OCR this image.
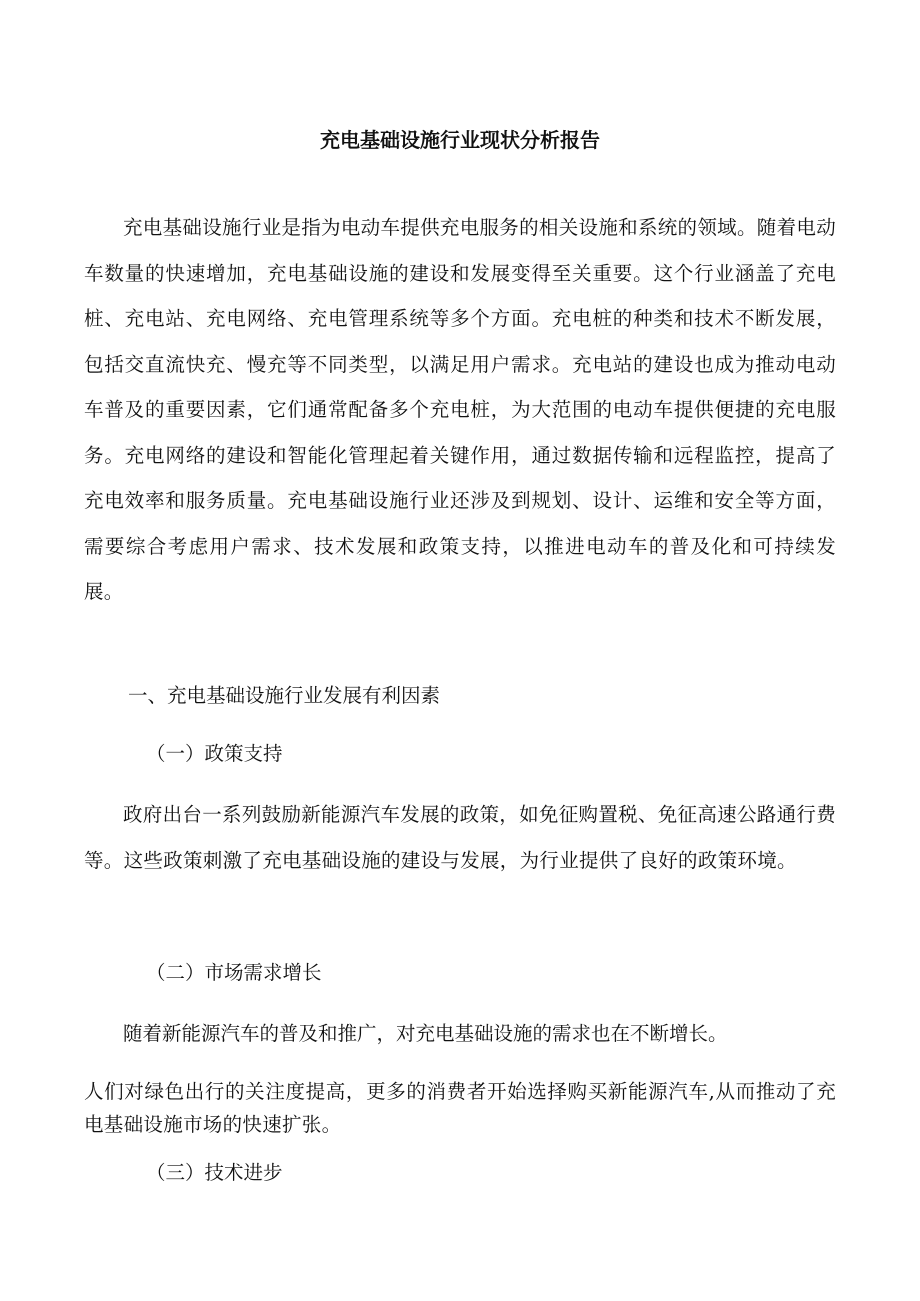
充电基础设施行业现状分析报告

充电基础设施行业是指为电动车提供充电服务的相关设施和系统的领域。随着电动车数量的快速增加，充电基础设施的建设和发展变得至关重要。这个行业涵盖了充电桩、充电站、充电网络、充电管理系统等多个方面。充电桩的种类和技术不断发展，包括交直流快充、慢充等不同类型，以满足用户需求。充电站的建设也成为推动电动车普及的重要因素，它们通常配备多个充电桩，为大范围的电动车提供便捷的充电服务。充电网络的建设和智能化管理起着关键作用，通过数据传输和远程监控，提高了充电效率和服务质量。充电基础设施行业还涉及到规划、设计、运维和安全等方面，需要综合考虑用户需求、技术发展和政策支持，以推进电动车的普及化和可持续发展。

一、充电基础设施行业发展有利因素
（一）政策支持

政府出台一系列鼓励新能源汽车发展的政策，如免征购置税、免征高速公路通行费等。这些政策刺激了充电基础设施的建设与发展，为行业提供了良好的政策环境。

（二）市场需求增长

随着新能源汽车的普及和推广，对充电基础设施的需求也在不断增长。

人们对绿色出行的关注度提高，更多的消费者开始选择购买新能源汽车,从而推动了充电基础设施市场的快速扩张。

（三）技术进步
